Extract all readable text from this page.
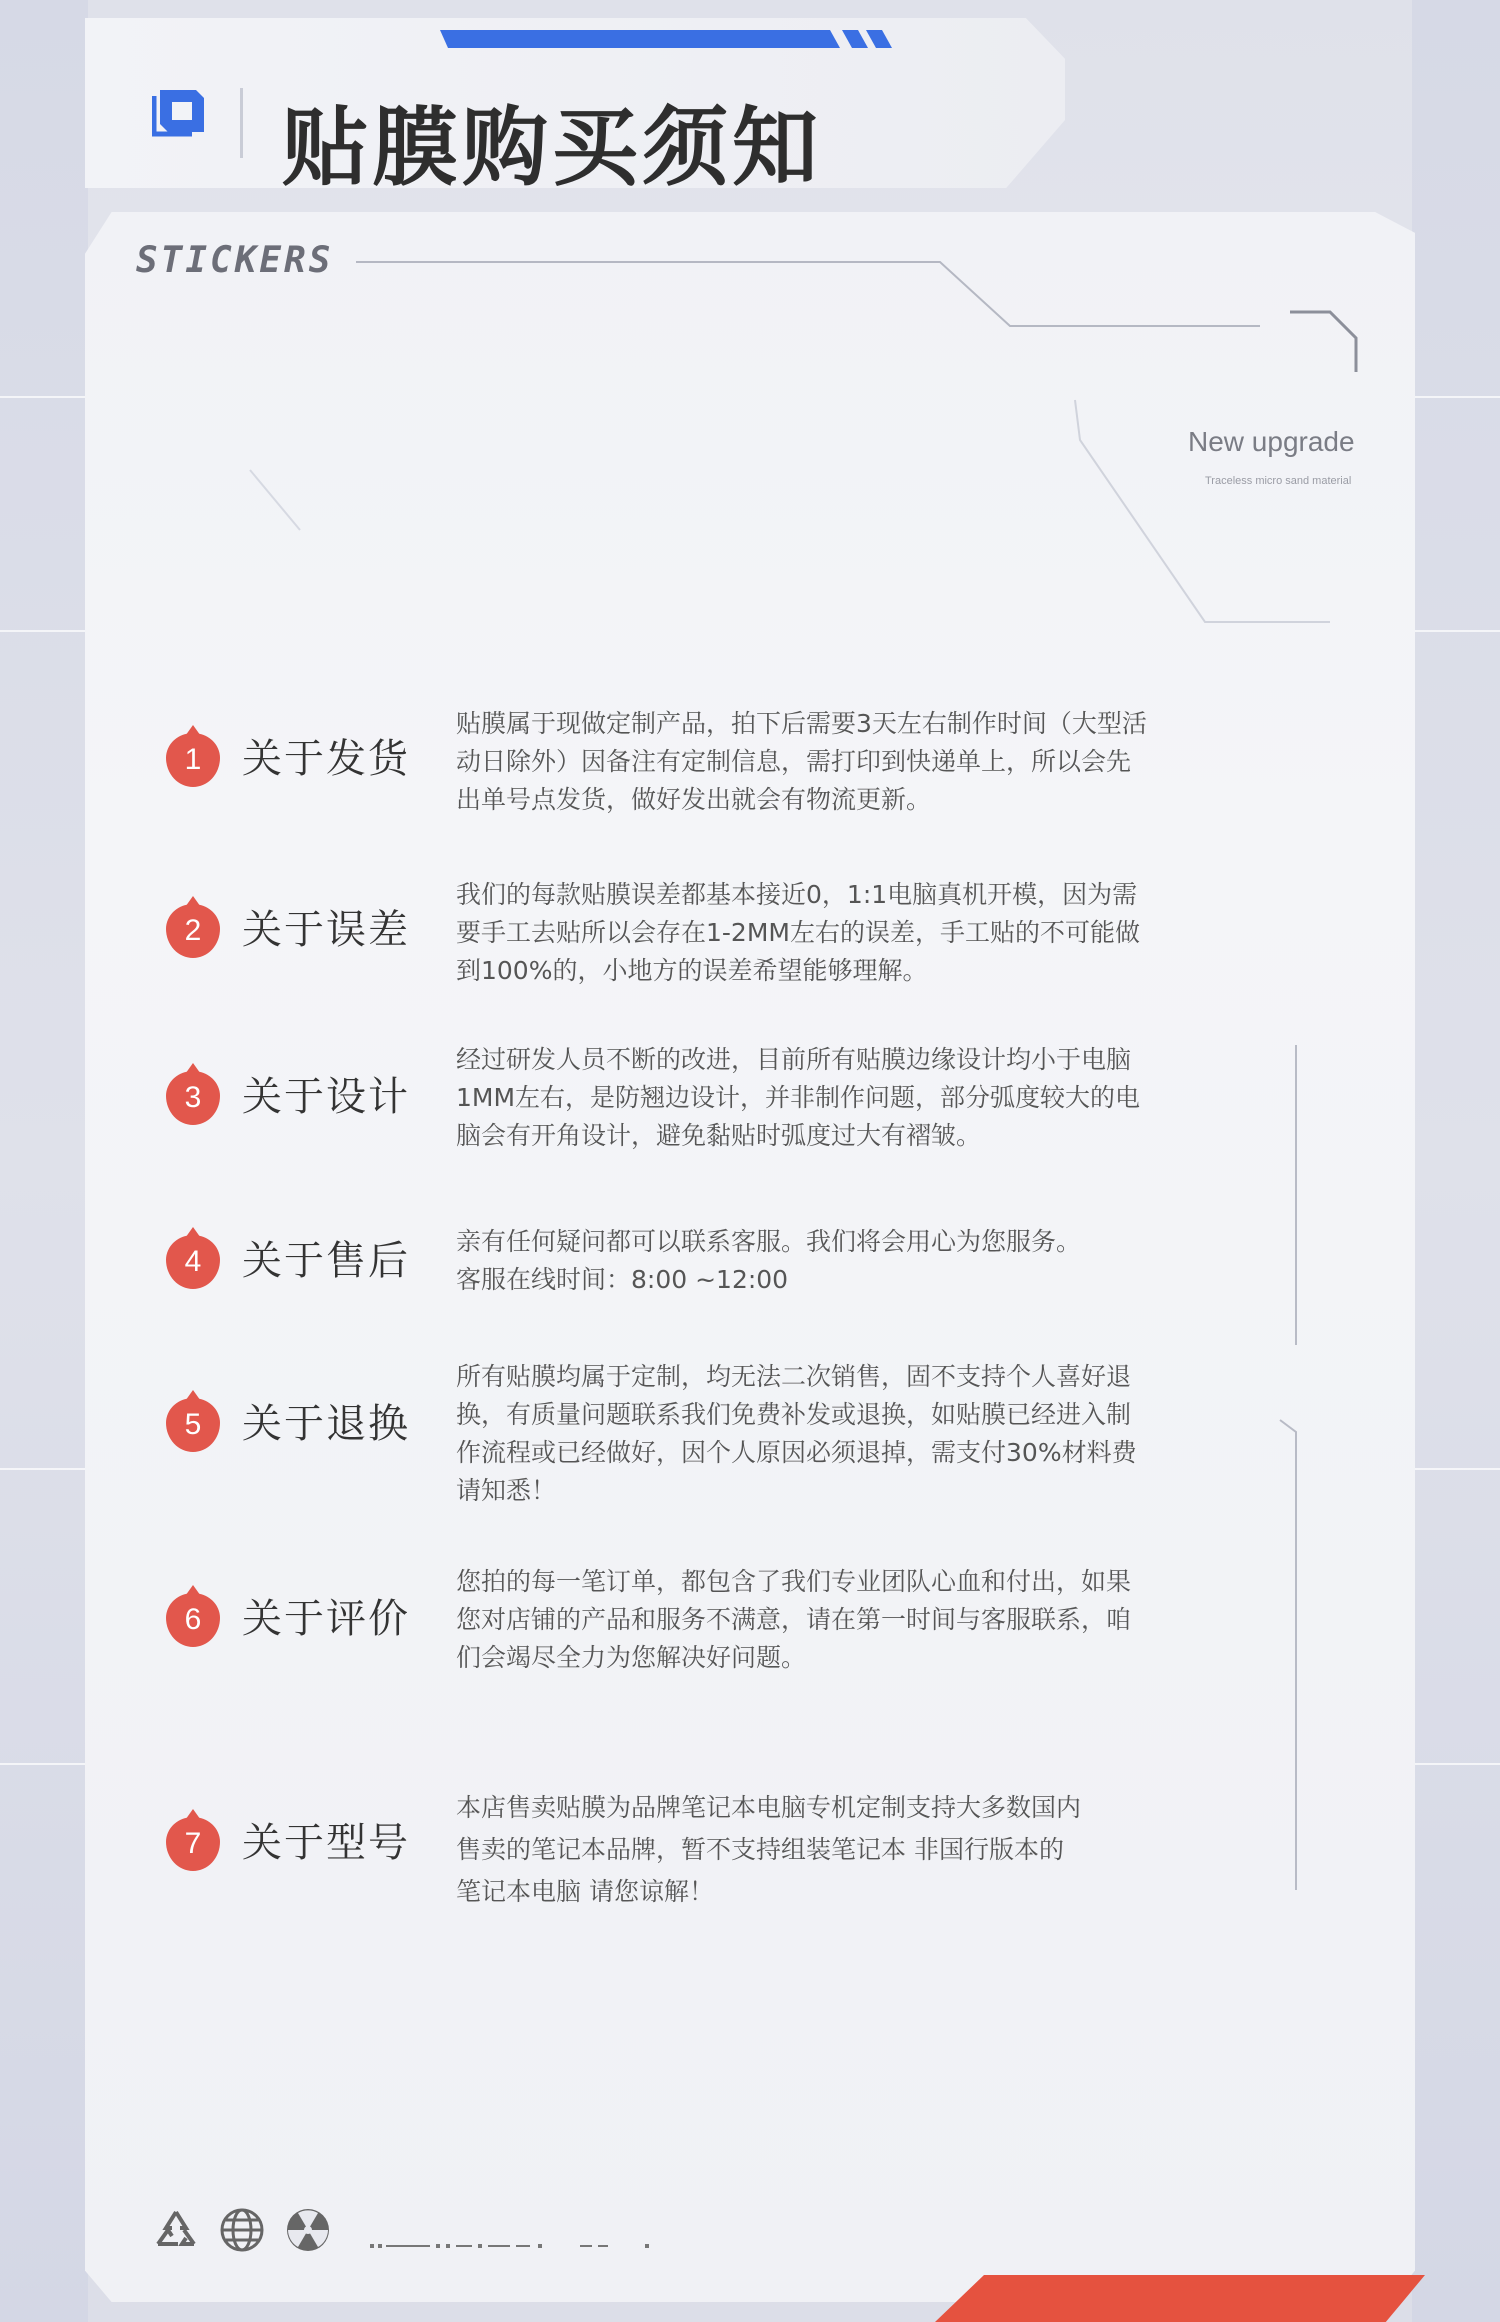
贴膜购买须知
STICKERS
New upgrade
Traceless micro sand material
1	关于发货
贴膜属于现做定制产品，拍下后需要3天左右制作时间（大型活
动日除外）因备注有定制信息，需打印到快递单上，所以会先
出单号点发货，做好发出就会有物流更新。
2	关于误差
我们的每款贴膜误差都基本接近0，1:1电脑真机开模，因为需
要手工去贴所以会存在1-2MM左右的误差，手工贴的不可能做
到100%的，小地方的误差希望能够理解。
3	关于设计
经过研发人员不断的改进，目前所有贴膜边缘设计均小于电脑
1MM左右，是防翘边设计，并非制作问题，部分弧度较大的电
脑会有开角设计，避免黏贴时弧度过大有褶皱。
4	关于售后 亲有任何疑问都可以联系客服。我们将会用心为您服务。
客服在线时间：8:00 ~12:00
5	关于退换
所有贴膜均属于定制，均无法二次销售，固不支持个人喜好退
换，有质量问题联系我们免费补发或退换，如贴膜已经进入制
作流程或已经做好，因个人原因必须退掉，需支付30%材料费
请知悉！
6	关于评价
您拍的每一笔订单，都包含了我们专业团队心血和付出，如果
您对店铺的产品和服务不满意，请在第一时间与客服联系，咱
们会竭尽全力为您解决好问题。
7	关于型号
本店售卖贴膜为品牌笔记本电脑专机定制支持大多数国内
售卖的笔记本品牌，暂不支持组装笔记本 非国行版本的
笔记本电脑 请您谅解！
